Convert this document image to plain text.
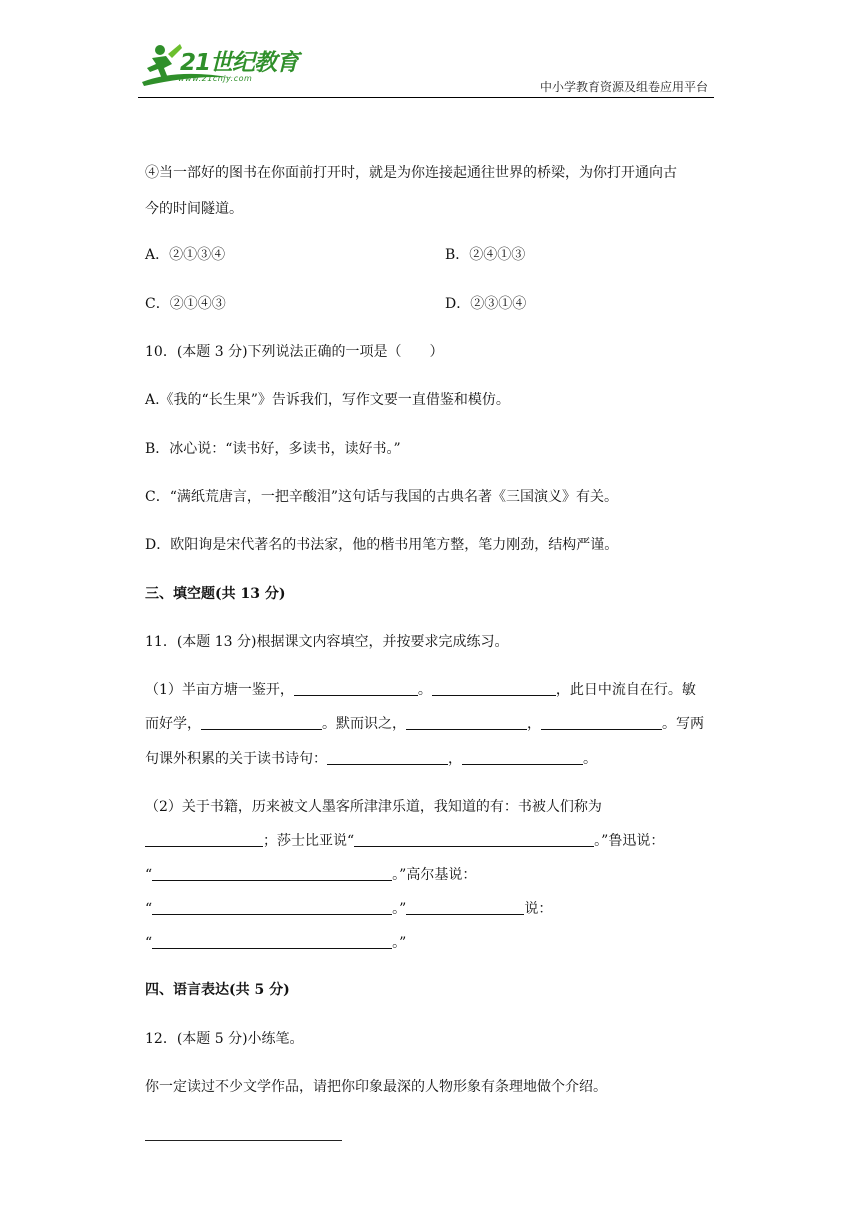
21世纪教育
www.21cnjy.com
中小学教育资源及组卷应用平台
④当一部好的图书在你面前打开时，就是为你连接起通往世界的桥梁，为你打开通向古
今的时间隧道。
A．②①③④	B．②④①③
C．②①④③	D．②③①④
10．(本题 3 分)下列说法正确的一项是（　　）
A.《我的“长生果”》告诉我们，写作文要一直借鉴和模仿。
B．冰心说：“读书好，多读书，读好书。”
C．“满纸荒唐言，一把辛酸泪”这句话与我国的古典名著《三国演义》有关。
D．欧阳询是宋代著名的书法家，他的楷书用笔方整，笔力刚劲，结构严谨。
三、填空题(共 13 分)
11．(本题 13 分)根据课文内容填空，并按要求完成练习。
（1）半亩方塘一鉴开，	。	，此日中流自在行。敏
而好学，	。默而识之，	，	。写两
句课外积累的关于读书诗句：	，	。
（2）关于书籍，历来被文人墨客所津津乐道，我知道的有：书被人们称为
；莎士比亚说“	。”鲁迅说：
“	。”高尔基说：
“	。”	说：
“	。”
四、语言表达(共 5 分)
12．(本题 5 分)小练笔。
你一定读过不少文学作品，请把你印象最深的人物形象有条理地做个介绍。
